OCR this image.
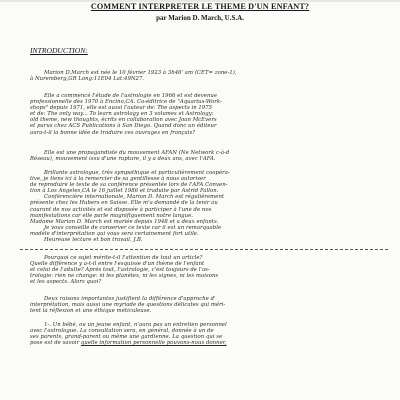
COMMENT INTERPRETER LE THEME D'UN ENFANT?
par Marion D. March, U.S.A.
INTRODUCTION:
Marion D.March est née le 10 février 1923 à 3h46' am (CET= zone-1),
à Nuremberg,GR Long:11E04 Lat:49N27.
Elle a commencé l'étude de l'astrologie en 1966 et est devenue
professionnelle dès 1970 à Encino,CA. Co-éditrice de "Aquarius-Work-
shops" depuis 1971, elle est aussi l'auteur de: The aspects in 1975
et de: The only way... To learn astrology en 3 volumes et Astrology:
old theme, new thoughts, écrits en collaboration avec Joan McEvers
et parus chez ACS Publications à San Diego. Quand donc un éditeur
aura-t-il la bonne idée de traduire ces ouvrages en français?
Elle est une propagandiste du mouvement AFAN (Ne Network c-à-d
Réseau), mouvement issu d'une rupture, il y a deux ans, avec l'AFA.
Brillante astrologue, très sympathique et particulièrement coopéra-
tive, je tiens ici à la remercier de sa gentillesse à nous autoriser
de reproduire le texte de sa conférence présentée lors de l'AFA Conven-
tion à Los Angeles,CA le 16 juillet 1986 et traduite par Astrid Fallon.
Conférencière internationale, Marion D. March est régulièrement
présente chez les Hubers en Suisse. Elle m'a demandé de la tenir au
courant de nos activités et est disposée à participer à l'une de nos
manifestations car elle parle magnifiquement notre langue.
Madame Marion D. March est mariée depuis 1948 et a deux enfants.
Je vous conseille de conserver ce texte car il est un remarquable
modèle d'interprétation qui vous sera certainement fort utile.
Heureuse lecture et bon travail. J.B.
Pourquoi ce sujet mérite-t-il l'attention de tout un article?
Quelle différence y a-t-il entre l'esquisse d'un thème de l'enfant
et celui de l'adulte? Après tout, l'astrologie, c'est toujours de l'as-
trologie: rien ne change: ni les planètes, ni les signes, ni les maisons
et les aspects. Alors quoi?
Deux raisons importantes justifient la différence d'approche d'
interprétation, mais aussi une myriade de questions délicates qui méri-
tent la réflexion et une éthique méticuleuse.
1-. Un bébé, ou un jeune enfant, n'aura pas un entretien personnel
avec l'astrologue. La consultation sera, en général, donnée à un de
ses parents, grand-parent ou même une gardienne. La question qui se
pose est de savoir quelle information personnelle pouvons-nous donner,
